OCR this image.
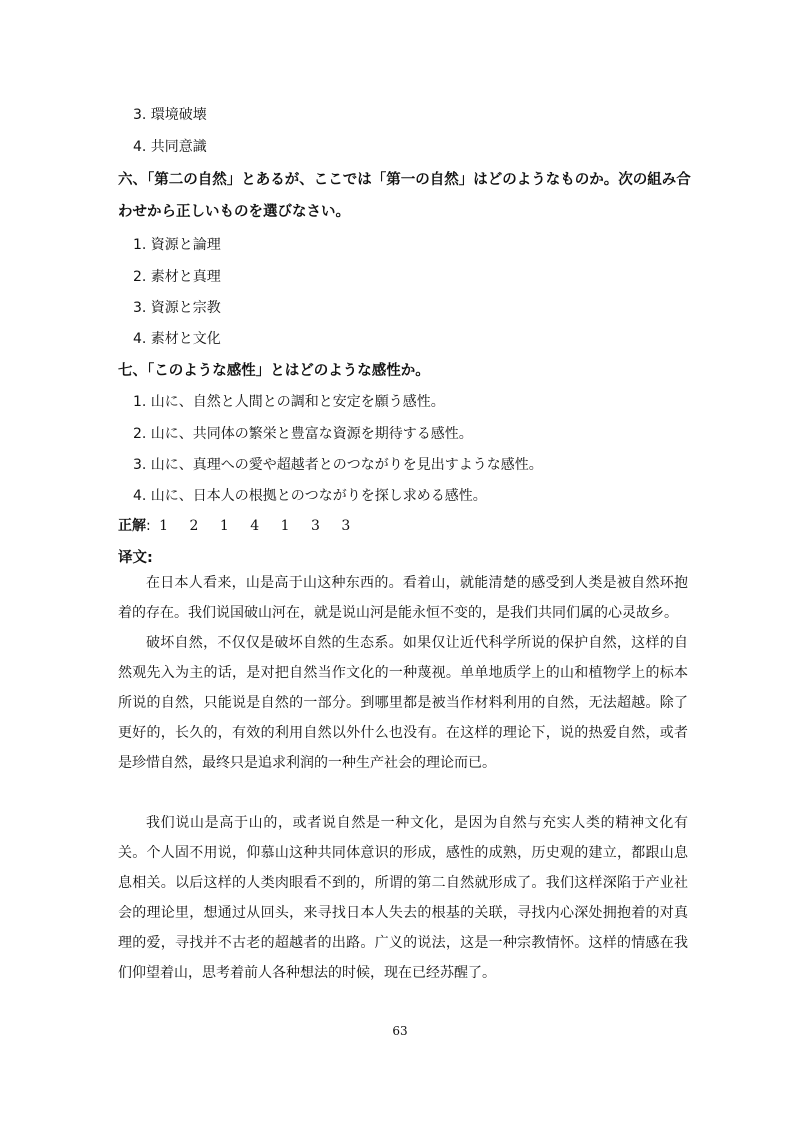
3. 環境破壊
4. 共同意識
六、「第二の自然」とあるが、ここでは「第一の自然」はどのようなものか。次の組み合
わせから正しいものを選びなさい。
1. 資源と論理
2. 素材と真理
3. 資源と宗教
4. 素材と文化
七、「このような感性」とはどのような感性か。
1. 山に、自然と人間との調和と安定を願う感性。
2. 山に、共同体の繁栄と豊富な資源を期待する感性。
3. 山に、真理への愛や超越者とのつながりを見出すような感性。
4. 山に、日本人の根拠とのつながりを探し求める感性。
正解: 1 2 1 4 1 3 3
译文:

在日本人看来，山是高于山这种东西的。看着山，就能清楚的感受到人类是被自然环抱着的存在。我们说国破山河在，就是说山河是能永恒不变的，是我们共同们属的心灵故乡。

破坏自然，不仅仅是破坏自然的生态系。如果仅让近代科学所说的保护自然，这样的自然观先入为主的话，是对把自然当作文化的一种蔑视。单单地质学上的山和植物学上的标本所说的自然，只能说是自然的一部分。到哪里都是被当作材料利用的自然，无法超越。除了更好的，长久的，有效的利用自然以外什么也没有。在这样的理论下，说的热爱自然，或者是珍惜自然，最终只是追求利润的一种生产社会的理论而已。

我们说山是高于山的，或者说自然是一种文化，是因为自然与充实人类的精神文化有关。个人固不用说，仰慕山这种共同体意识的形成，感性的成熟，历史观的建立，都跟山息息相关。以后这样的人类肉眼看不到的，所谓的第二自然就形成了。我们这样深陷于产业社会的理论里，想通过从回头，来寻找日本人失去的根基的关联，寻找内心深处拥抱着的对真理的爱，寻找并不古老的超越者的出路。广义的说法，这是一种宗教情怀。这样的情感在我们仰望着山，思考着前人各种想法的时候，现在已经苏醒了。

63
